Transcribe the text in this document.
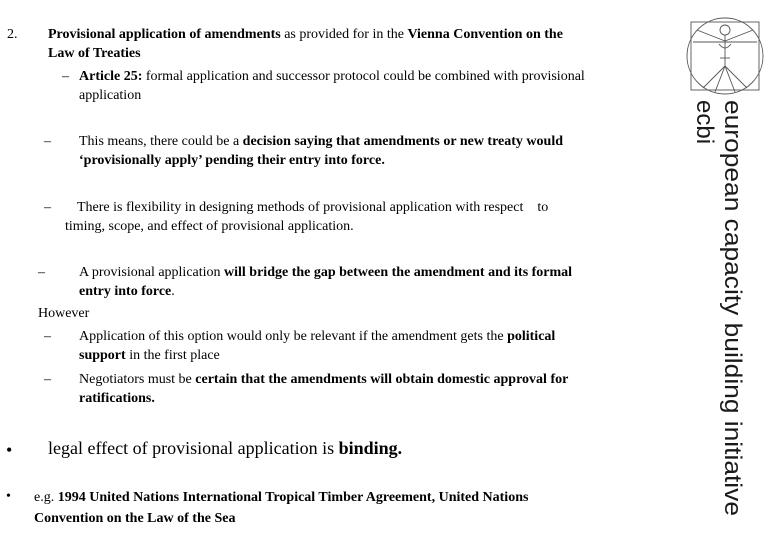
2. Provisional application of amendments as provided for in the Vienna Convention on the
Law of Treaties
– Article 25: formal application and successor protocol could be combined with provisional
application
– This means, there could be a decision saying that amendments or new treaty would
‘provisionally apply’ pending their entry into force.
– There is flexibility in designing methods of provisional application with respect    to
timing, scope, and effect of provisional application.
– A provisional application will bridge the gap between the amendment and its formal
entry into force.
However
– Application of this option would only be relevant if the amendment gets the political
support in the first place
– Negotiators must be certain that the amendments will obtain domestic approval for
ratifications.
• legal effect of provisional application is binding.
• e.g. 1994 United Nations International Tropical Timber Agreement, United Nations
Convention on the Law of the Sea
european capacity building initiative
ecbi
